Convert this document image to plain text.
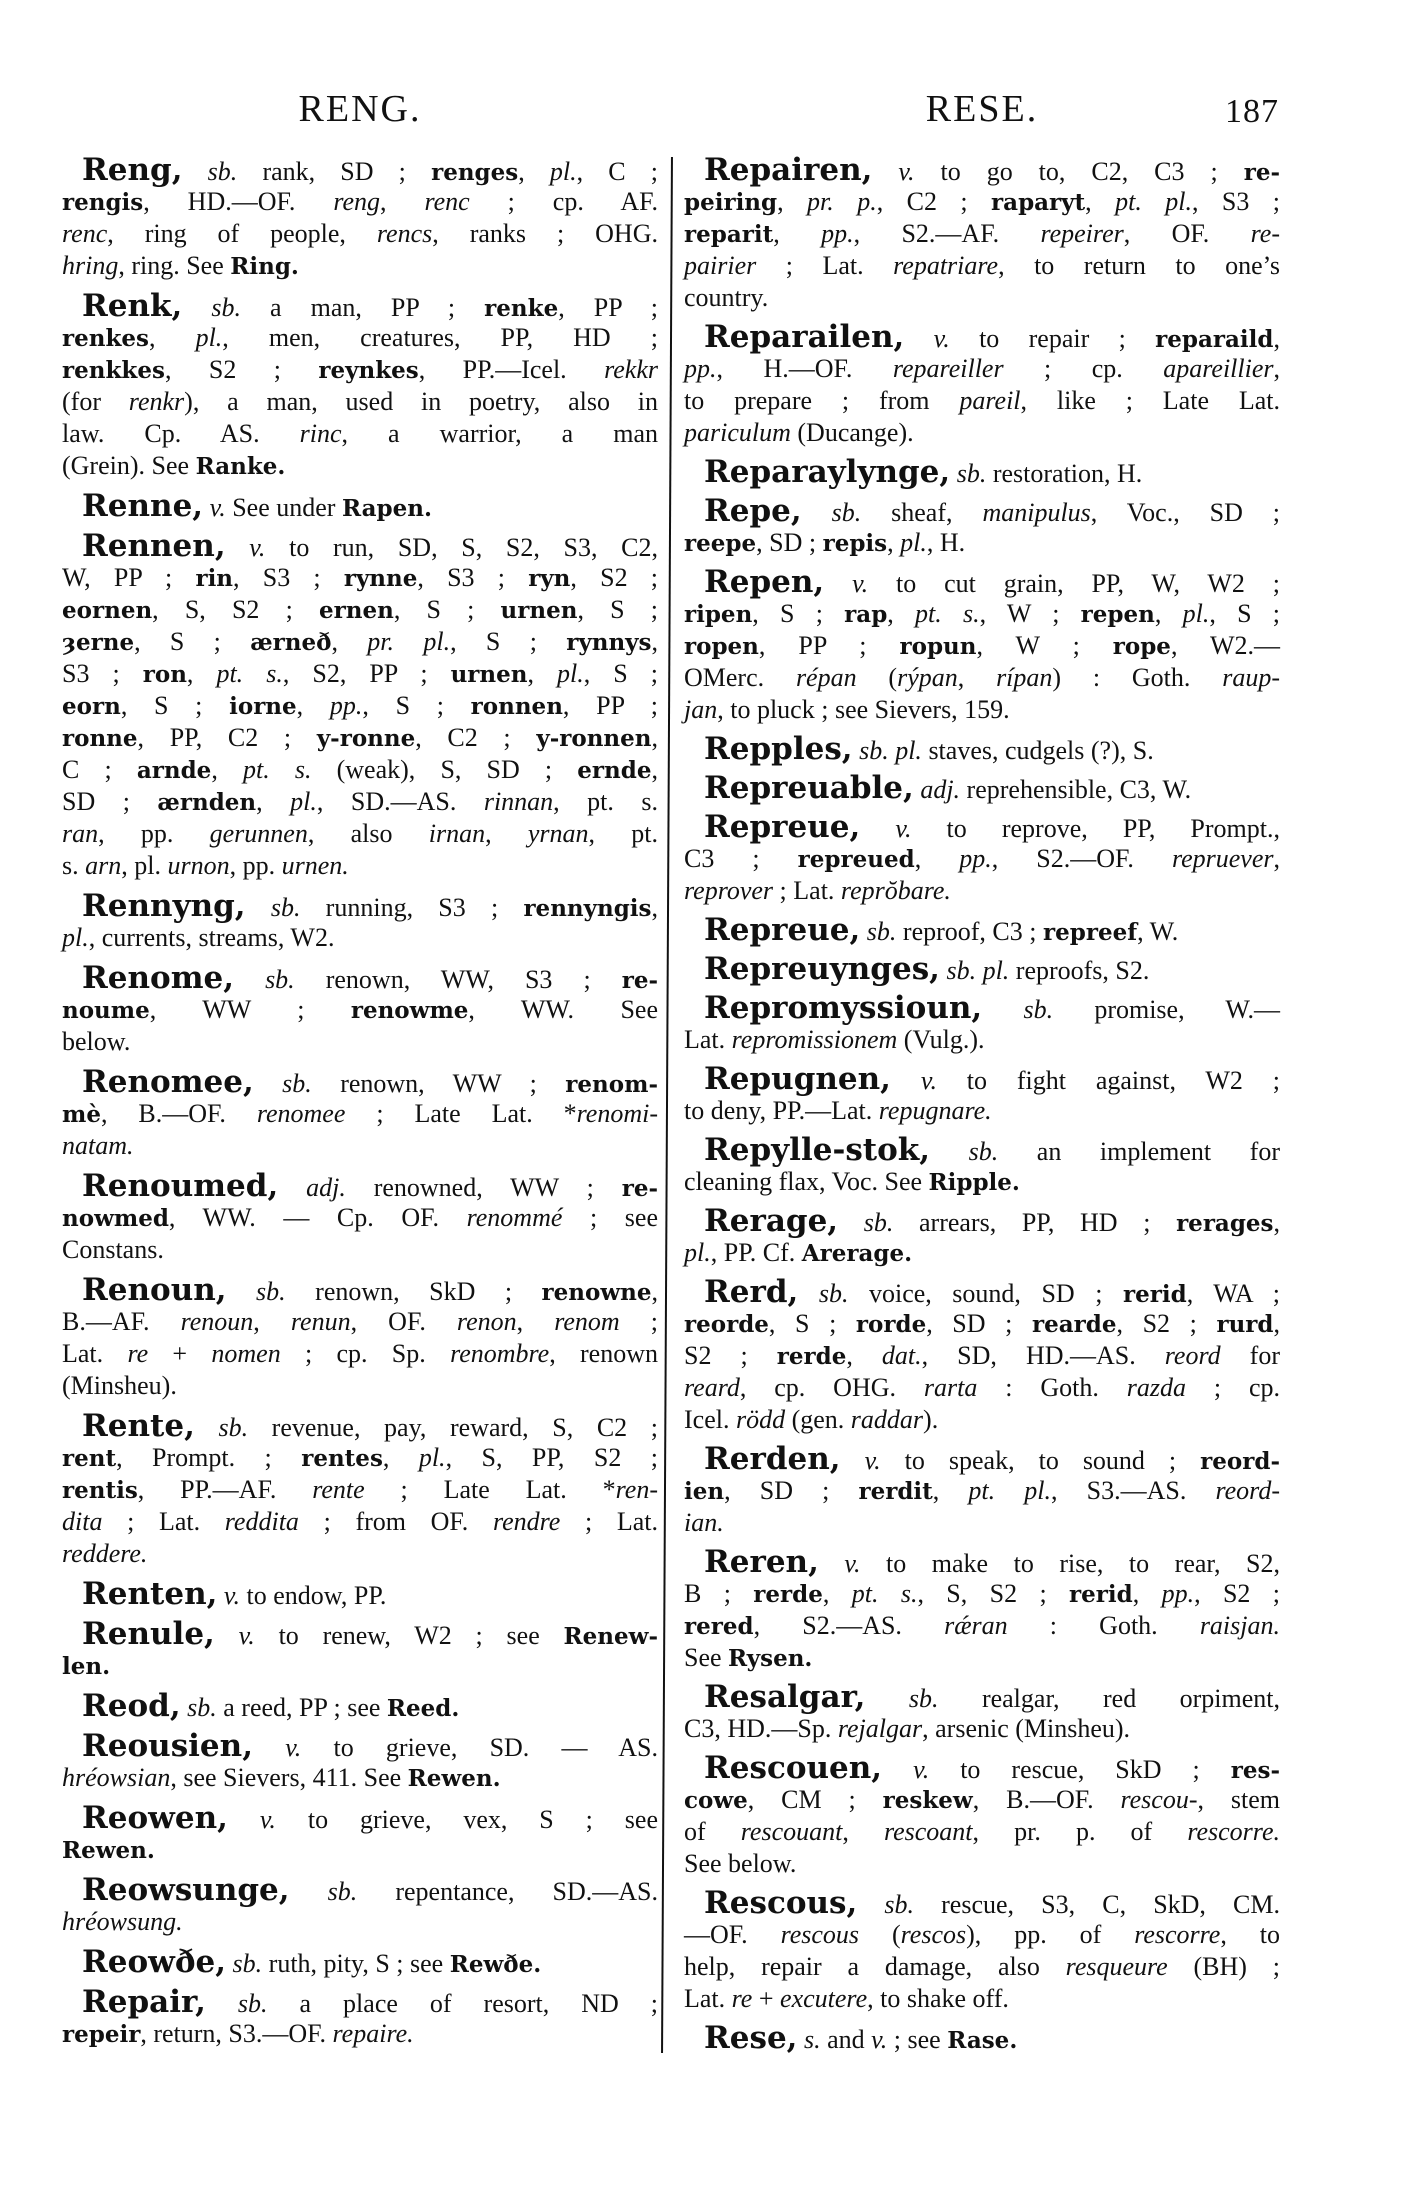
RENG.	RESE.	187
Reng, sb. rank, SD ; renges, pl., C ;
rengis, HD.—OF. reng, renc ; cp. AF.
renc, ring of people, rencs, ranks ; OHG.
hring, ring. See Ring.
Renk, sb. a man, PP ; renke, PP ;
renkes, pl., men, creatures, PP, HD ;
renkkes, S2 ; reynkes, PP.—Icel. rekkr
(for renkr), a man, used in poetry, also in
law. Cp. AS. rinc, a warrior, a man
(Grein). See Ranke.
Renne, v. See under Rapen.
Rennen, v. to run, SD, S, S2, S3, C2,
W, PP ; rin, S3 ; rynne, S3 ; ryn, S2 ;
eornen, S, S2 ; ernen, S ; urnen, S ;
ȝerne, S ; ærneð, pr. pl., S ; rynnys,
S3 ; ron, pt. s., S2, PP ; urnen, pl., S ;
eorn, S ; iorne, pp., S ; ronnen, PP ;
ronne, PP, C2 ; y-ronne, C2 ; y-ronnen,
C ; arnde, pt. s. (weak), S, SD ; ernde,
SD ; ærnden, pl., SD.—AS. rinnan, pt. s.
ran, pp. gerunnen, also irnan, yrnan, pt.
s. arn, pl. urnon, pp. urnen.
Rennyng, sb. running, S3 ; rennyngis,
pl., currents, streams, W2.
Renome, sb. renown, WW, S3 ; re-
noume, WW ; renowme, WW. See
below.
Renomee, sb. renown, WW ; renom-
mè, B.—OF. renomee ; Late Lat. *renomi-
natam.
Renoumed, adj. renowned, WW ; re-
nowmed, WW. — Cp. OF. renommé ; see
Constans.
Renoun, sb. renown, SkD ; renowne,
B.—AF. renoun, renun, OF. renon, renom ;
Lat. re + nomen ; cp. Sp. renombre, renown
(Minsheu).
Rente, sb. revenue, pay, reward, S, C2 ;
rent, Prompt. ; rentes, pl., S, PP, S2 ;
rentis, PP.—AF. rente ; Late Lat. *ren-
dita ; Lat. reddita ; from OF. rendre ; Lat.
reddere.
Renten, v. to endow, PP.
Renule, v. to renew, W2 ; see Renew-
len.
Reod, sb. a reed, PP ; see Reed.
Reousien, v. to grieve, SD. — AS.
hréowsian, see Sievers, 411. See Rewen.
Reowen, v. to grieve, vex, S ; see
Rewen.
Reowsunge, sb. repentance, SD.—AS.
hréowsung.
Reowðe, sb. ruth, pity, S ; see Rewðe.
Repair, sb. a place of resort, ND ;
repeir, return, S3.—OF. repaire.
Repairen, v. to go to, C2, C3 ; re-
peiring, pr. p., C2 ; raparyt, pt. pl., S3 ;
reparit, pp., S2.—AF. repeirer, OF. re-
pairier ; Lat. repatriare, to return to one’s
country.
Reparailen, v. to repair ; reparaild,
pp., H.—OF. repareiller ; cp. apareillier,
to prepare ; from pareil, like ; Late Lat.
pariculum (Ducange).
Reparaylynge, sb. restoration, H.
Repe, sb. sheaf, manipulus, Voc., SD ;
reepe, SD ; repis, pl., H.
Repen, v. to cut grain, PP, W, W2 ;
ripen, S ; rap, pt. s., W ; repen, pl., S ;
ropen, PP ; ropun, W ; rope, W2.—
OMerc. répan (rýpan, rípan) : Goth. raup-
jan, to pluck ; see Sievers, 159.
Repples, sb. pl. staves, cudgels (?), S.
Repreuable, adj. reprehensible, C3, W.
Repreue, v. to reprove, PP, Prompt.,
C3 ; repreued, pp., S2.—OF. repruever,
reprover ; Lat. reprŏbare.
Repreue, sb. reproof, C3 ; repreef, W.
Repreuynges, sb. pl. reproofs, S2.
Repromyssioun, sb. promise, W.—
Lat. repromissionem (Vulg.).
Repugnen, v. to fight against, W2 ;
to deny, PP.—Lat. repugnare.
Repylle-stok, sb. an implement for
cleaning flax, Voc. See Ripple.
Rerage, sb. arrears, PP, HD ; rerages,
pl., PP. Cf. Arerage.
Rerd, sb. voice, sound, SD ; rerid, WA ;
reorde, S ; rorde, SD ; rearde, S2 ; rurd,
S2 ; rerde, dat., SD, HD.—AS. reord for
reard, cp. OHG. rarta : Goth. razda ; cp.
Icel. rödd (gen. raddar).
Rerden, v. to speak, to sound ; reord-
ien, SD ; rerdit, pt. pl., S3.—AS. reord-
ian.
Reren, v. to make to rise, to rear, S2,
B ; rerde, pt. s., S, S2 ; rerid, pp., S2 ;
rered, S2.—AS. rǽran : Goth. raisjan.
See Rysen.
Resalgar, sb. realgar, red orpiment,
C3, HD.—Sp. rejalgar, arsenic (Minsheu).
Rescouen, v. to rescue, SkD ; res-
cowe, CM ; reskew, B.—OF. rescou-, stem
of rescouant, rescoant, pr. p. of rescorre.
See below.
Rescous, sb. rescue, S3, C, SkD, CM.
—OF. rescous (rescos), pp. of rescorre, to
help, repair a damage, also resqueure (BH) ;
Lat. re + excutere, to shake off.
Rese, s. and v. ; see Rase.
